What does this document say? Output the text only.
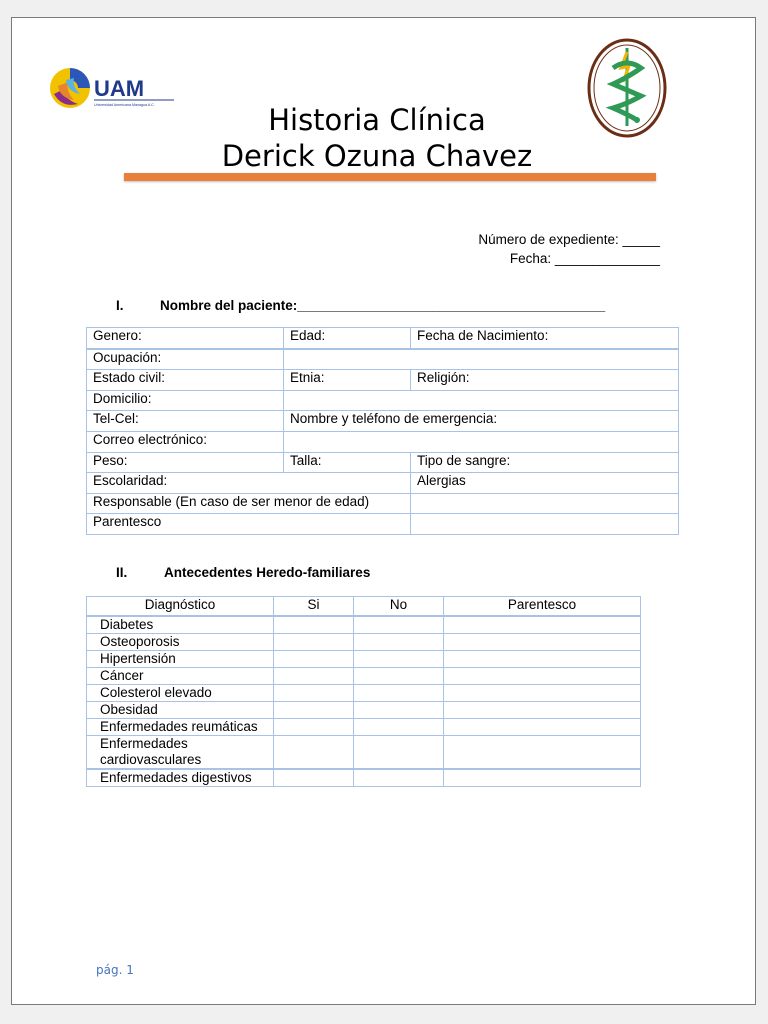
UAM
Universidad Americana Managua A.C.	Historia Clínica
Derick Ozuna Chavez
Número de expediente: _____
Fecha: ______________
I.	Nombre del paciente:_________________________________________
Genero:	Edad:	Fecha de Nacimiento:
Ocupación:		
Estado civil:	Etnia:	Religión:
Domicilio:		
Tel-Cel:	Nombre y teléfono de emergencia:	
Correo electrónico:		
Peso:	Talla:	Tipo de sangre:
Escolaridad:		Alergias
Responsable (En caso de ser menor de edad)		
Parentesco		
II.	Antecedentes Heredo-familiares
Diagnóstico	Si	No	Parentesco
Diabetes			
Osteoporosis			
Hipertensión			
Cáncer			
Colesterol elevado			
Obesidad			
Enfermedades reumáticas			
Enfermedades cardiovasculares			
Enfermedades digestivos			
pág. 1
